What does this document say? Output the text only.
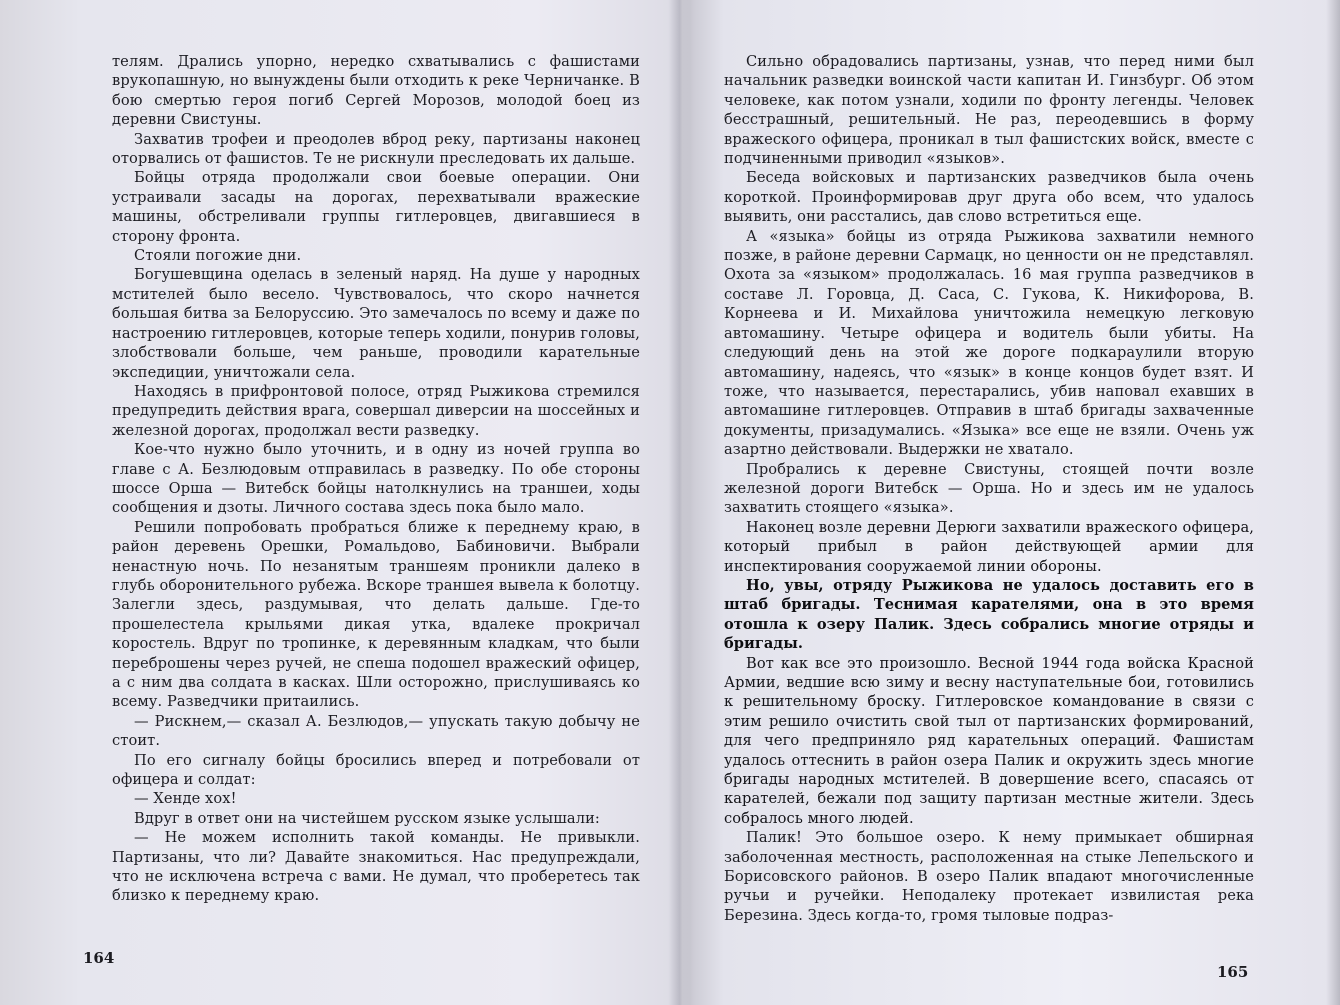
телям. Дрались упорно, нередко схватывались с фашистами врукопашную, но вынуждены были отходить к реке Черничанке. В бою смертью героя погиб Сергей Морозов, молодой боец из деревни Свистуны.

Захватив трофеи и преодолев вброд реку, партизаны наконец оторвались от фашистов. Те не рискнули преследовать их дальше.

Бойцы отряда продолжали свои боевые операции. Они устраивали засады на дорогах, перехватывали вражеские машины, обстреливали группы гитлеровцев, двигавшиеся в сторону фронта.

Стояли погожие дни.

Богушевщина оделась в зеленый наряд. На душе у народных мстителей было весело. Чувствовалось, что скоро начнется большая битва за Белоруссию. Это замечалось по всему и даже по настроению гитлеровцев, которые теперь ходили, понурив головы, злобствовали больше, чем раньше, проводили карательные экспедиции, уничтожали села.

Находясь в прифронтовой полосе, отряд Рыжикова стремился предупредить действия врага, совершал диверсии на шоссейных и железной дорогах, продолжал вести разведку.

Кое-что нужно было уточнить, и в одну из ночей группа во главе с А. Безлюдовым отправилась в разведку. По обе стороны шоссе Орша — Витебск бойцы натолкнулись на траншеи, ходы сообщения и дзоты. Личного состава здесь пока было мало.

Решили попробовать пробраться ближе к переднему краю, в район деревень Орешки, Ромальдово, Бабиновичи. Выбрали ненастную ночь. По незанятым траншеям проникли далеко в глубь оборонительного рубежа. Вскоре траншея вывела к болотцу. Залегли здесь, раздумывая, что делать дальше. Где-то прошелестела крыльями дикая утка, вдалеке прокричал коростель. Вдруг по тропинке, к деревянным кладкам, что были переброшены через ручей, не спеша подошел вражеский офицер, а с ним два солдата в касках. Шли осторожно, прислушиваясь ко всему. Разведчики притаились.

— Рискнем,— сказал А. Безлюдов,— упускать такую добычу не стоит.

По его сигналу бойцы бросились вперед и потребовали от офицера и солдат:

— Хенде хох!

Вдруг в ответ они на чистейшем русском языке услышали:

— Не можем исполнить такой команды. Не привыкли. Партизаны, что ли? Давайте знакомиться. Нас предупреждали, что не исключена встреча с вами. Не думал, что проберетесь так близко к переднему краю.

164

Сильно обрадовались партизаны, узнав, что перед ними был начальник разведки воинской части капитан И. Гинзбург. Об этом человеке, как потом узнали, ходили по фронту легенды. Человек бесстрашный, решительный. Не раз, переодевшись в форму вражеского офицера, проникал в тыл фашистских войск, вместе с подчиненными приводил «языков».

Беседа войсковых и партизанских разведчиков была очень короткой. Проинформировав друг друга обо всем, что удалось выявить, они расстались, дав слово встретиться еще.

А «языка» бойцы из отряда Рыжикова захватили немного позже, в районе деревни Сармацк, но ценности он не представлял. Охота за «языком» продолжалась. 16 мая группа разведчиков в составе Л. Горовца, Д. Саса, С. Гукова, К. Никифорова, В. Корнеева и И. Михайлова уничтожила немецкую легковую автомашину. Четыре офицера и водитель были убиты. На следующий день на этой же дороге подкараулили вторую автомашину, надеясь, что «язык» в конце концов будет взят. И тоже, что называется, перестарались, убив наповал ехавших в автомашине гитлеровцев. Отправив в штаб бригады захваченные документы, призадумались. «Языка» все еще не взяли. Очень уж азартно действовали. Выдержки не хватало.

Пробрались к деревне Свистуны, стоящей почти возле железной дороги Витебск — Орша. Но и здесь им не удалось захватить стоящего «языка».

Наконец возле деревни Дерюги захватили вражеского офицера, который прибыл в район действующей армии для инспектирования сооружаемой линии обороны.

Но, увы, отряду Рыжикова не удалось доставить его в штаб бригады. Теснимая карателями, она в это время отошла к озеру Палик. Здесь собрались многие отряды и бригады.

Вот как все это произошло. Весной 1944 года войска Красной Армии, ведшие всю зиму и весну наступательные бои, готовились к решительному броску. Гитлеровское командование в связи с этим решило очистить свой тыл от партизанских формирований, для чего предприняло ряд карательных операций. Фашистам удалось оттеснить в район озера Палик и окружить здесь многие бригады народных мстителей. В довершение всего, спасаясь от карателей, бежали под защиту партизан местные жители. Здесь собралось много людей.

Палик! Это большое озеро. К нему примыкает обширная заболоченная местность, расположенная на стыке Лепельского и Борисовского районов. В озеро Палик впадают многочисленные ручьи и ручейки. Неподалеку протекает извилистая река Березина. Здесь когда-то, громя тыловые подраз-

165
